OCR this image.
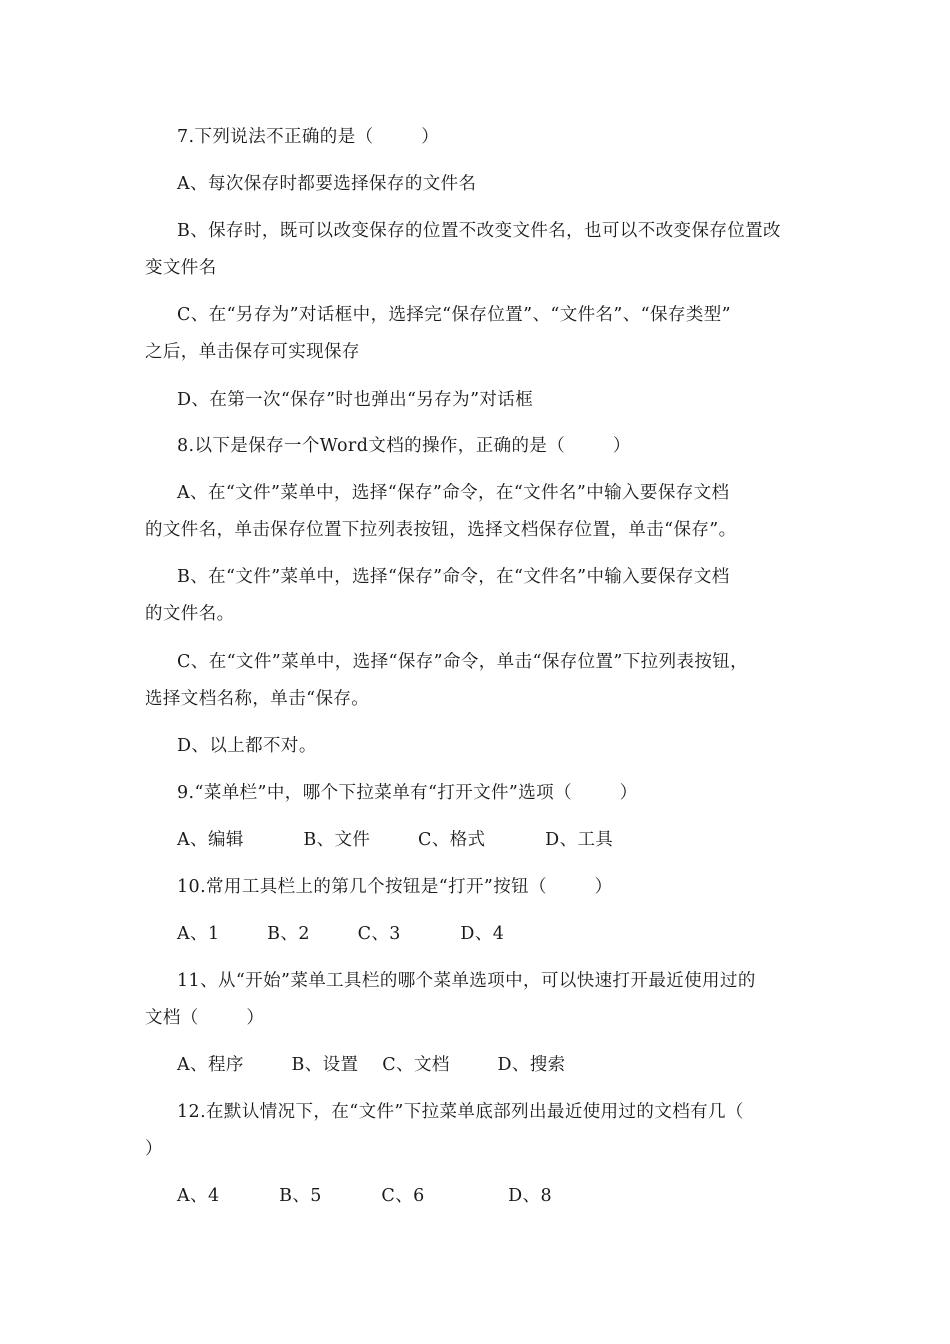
7.下列说法不正确的是（        ）
A、每次保存时都要选择保存的文件名
B、保存时，既可以改变保存的位置不改变文件名，也可以不改变保存位置改
变文件名
C、在“另存为”对话框中，选择完“保存位置”、“文件名”、“保存类型”
之后，单击保存可实现保存
D、在第一次“保存”时也弹出“另存为”对话框
8.以下是保存一个Word文档的操作，正确的是（        ）
A、在“文件”菜单中，选择“保存”命令，在“文件名”中输入要保存文档
的文件名，单击保存位置下拉列表按钮，选择文档保存位置，单击“保存”。
B、在“文件”菜单中，选择“保存”命令，在“文件名”中输入要保存文档
的文件名。
C、在“文件”菜单中，选择“保存”命令，单击“保存位置”下拉列表按钮，
选择文档名称，单击“保存。
D、以上都不对。
9.“菜单栏”中，哪个下拉菜单有“打开文件”选项（        ）
A、编辑          B、文件        C、格式          D、工具
10.常用工具栏上的第几个按钮是“打开”按钮（        ）
A、1        B、2        C、3          D、4
11、从“开始”菜单工具栏的哪个菜单选项中，可以快速打开最近使用过的
文档（        ）
A、程序        B、设置    C、文档        D、搜索
12.在默认情况下，在“文件”下拉菜单底部列出最近使用过的文档有几（
）
A、4          B、5          C、6              D、8
